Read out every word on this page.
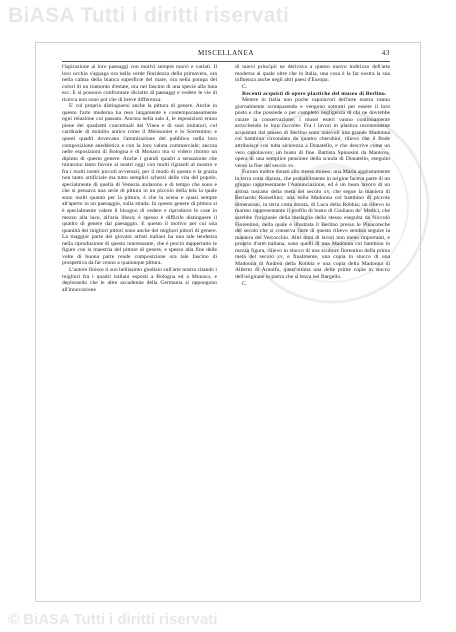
BiASA Tutti i diritti riservati
MISCELLANEA	43

l'ispirazione ai loro paesaggi con motivi sempre nuovi e variati. Il loro occhio s'appaga ora nella verde floridezza della primavera, ora nella calma della bianca superficie del mare, ora nella pompa dei colori di un tramonto d'estate, ora nel fascino di una specie alla luna ecc. E si possono confrontare diciotto di paesaggi e vedere le vie di ricerca non sono poi che di breve differenza.

E' col proprio distinguersi anche la pittura di genere. Anche in questo l'arte moderna ha reso largamente e contemporaneamente ogni relazione col passato. Ancora nella sala 4, le esposizioni erano piene dei quadretti concettuali del Vinea e di suoi imitatori, col cardinale di mobilio antico come il Meissonier e lo Sorrentino; e questi quadri dovevano l'ammirazione del pubblico nella loro composizione aneddotica e con la loro valuta commerciale; ancora nelle esposizioni di Bologna e di Monaco ma si videro ritorno un dipinto di questo genere. Anche i grandi quadri a sensazione che mirarono tanto favore ai nostri oggi con molti riguardi al mostro e fra i molti nostri piccoli avversari, per il modo di questo e la grazia non tanto artificiale ma tutto semplici scherzi delle vita del popolo, specialmente di quella di Venezia andarono e di tempo che sono e che si pensava una serie di pittura in un piccolo della tela la quale sono molti quanto per la pittura, è che la scena e quasi sempre all'aperto in un paesaggio, sulla strada. In questo genere di pittura si è specialmente valere il bisogno di vedere e riprodurre le cose in mezzo alla luce, all'aria libera; è spesso è difficile distinguere il quadro di genere dal paesaggio. E questo il motivo per cui una quantità dei migliori pittori sono anche dei migliori pittori di genere. La maggior parte dei giovani artisti italiani ha una tale tendenza nella riproduzione di questo interessante, che è perciò dappertutto le figure con la maestria del pittore di genere, e spesso alla fine delle volte di buona parte rende composizione ora tale fascino di prospettiva da far cenno a qualunque pittura.

L'autore finisce il suo bellissimo giudizio sull'arte nostra citando i migliori fra i quadri italiani esposti a Bologna ed a Monaco, e deplorando che le altre accademie della Germania si oppongono all'innovazione

di nuovi principii ne derivava a questo nuovo indirizzo dell'arte moderna al quale oltre che in Italia, una cosa è la far nostra la sua influenza anche negli altri paesi d'Europa.

C.

Recenti acquisti di opere plastiche del museo di Berlino.

Mentre in Italia non poche capolavori dell'arte nostra vanno giornalmente scomparendo e vengono sottratti per essere il loro posto e che possiede o per completo negligenza di chi ne dovrebbe curare la conservazione, i musei esteri vanno continuamente arricchendo le loro raccolte. Fra i lavori in plastica recentemente acquistati dal museo di Berlino sono notevoli una grande Madonna col bambino circondata da quattro cherubini, rilievo che il Bode attribuisce con tutta sicurezza a Donatello, e che descrive come un vero capolavoro; un busto di fine. Battista Spinosini da Mantova, opera di una semplice pensione della scuola di Donatello, eseguito verso la fine del secolo xv.

Furono inoltre donati allo stesso museo: una Maria aggiustamente in terra cotta dipinta, che probabilmente in origine faceva parte di un gruppo rappresentante l'Annunciazione, ed è un buon lavoro di un artista toscano della metà del secolo xv, che segue la maniera di Bernardo Rossellino; una bella Madonna col bambino di piccole dimensioni, in terra cotta dorata, di Luca della Robbia; un rilievo in marmo rappresentante il profilo di busto di Giuliano de' Medici, che sarebbe l'originale della medaglia dello stesso eseguita da Niccolò Fiorentino, della quale è illustrata il Berlino presso le Pinacoteche del secolo che si conserva l'arte di questo rilievo sembra seguire la maniera del Verrocchio. Altri doni di lavori non meno importanti, e proprio d'arte italiana, sono quelli di una Madonna col bambino in mezza figura, rilievo in stucco di una scultore fiorentino della prima metà del secolo xv, e finalmente, una copia in stucco di una Madonna di Andrea della Robbia e una copia della Madonna di Alberto di Arnolfo, quest'ultima una delle prime copie in stucco dell'originale in pietra che si trova nel Bargello.

C.

© BiASA Tutti i diritti riservati
